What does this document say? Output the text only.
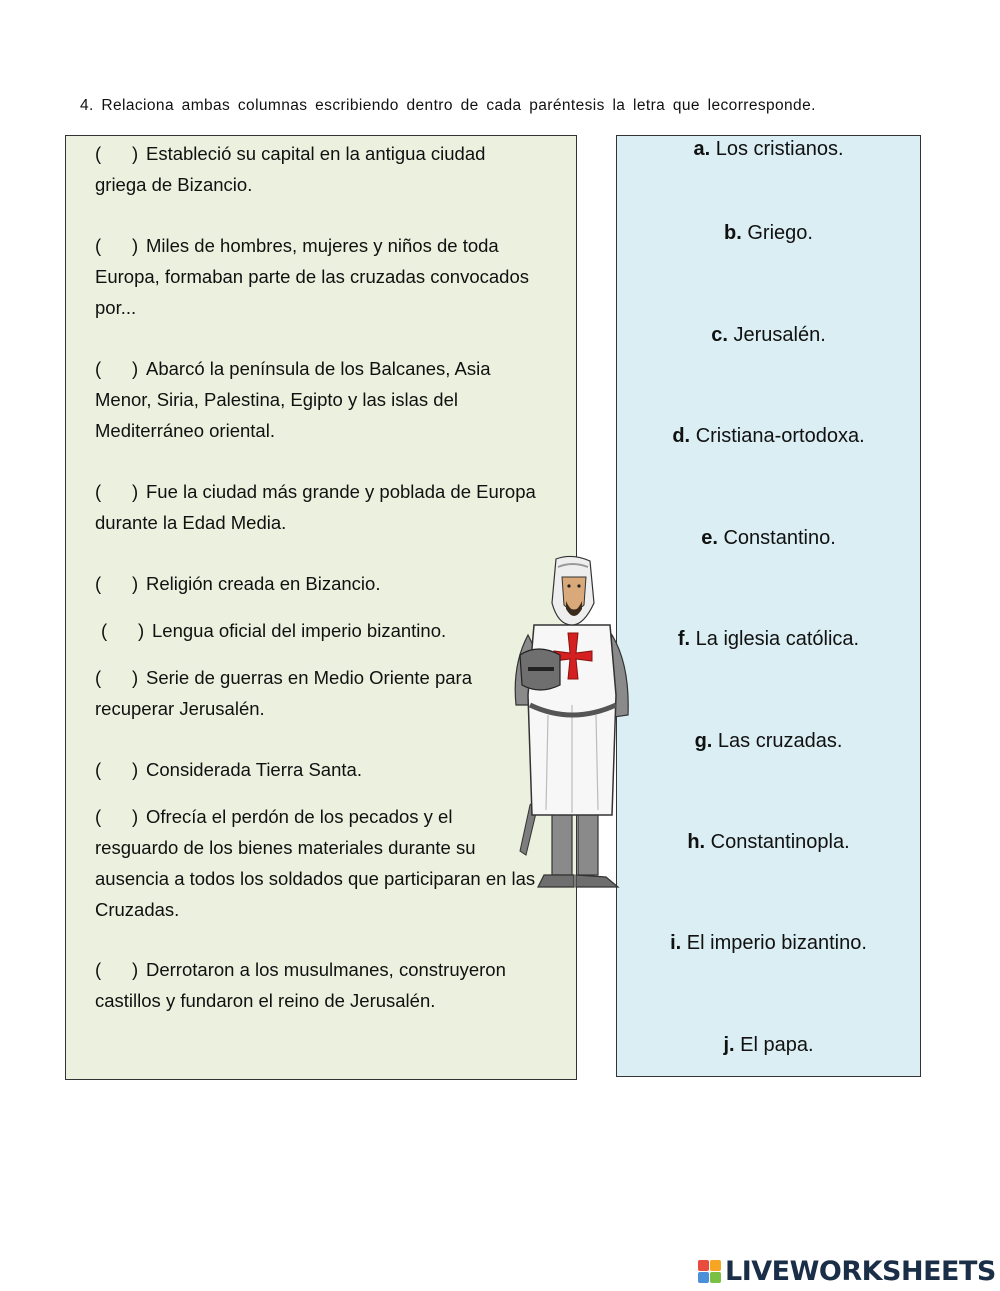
4. Relaciona ambas columnas escribiendo dentro de cada paréntesis la letra que lecorresponde.
(      ) Estableció su capital en la antigua ciudad
griega de Bizancio.
(      ) Miles de hombres, mujeres y niños de toda
Europa, formaban parte de las cruzadas convocados
por...
(      ) Abarcó la península de los Balcanes, Asia
Menor, Siria, Palestina, Egipto y las islas del
Mediterráneo oriental.
(      ) Fue la ciudad más grande y poblada de Europa
durante la Edad Media.
(      ) Religión creada en Bizancio.
(      ) Lengua oficial del imperio bizantino.
(      ) Serie de guerras en Medio Oriente para
recuperar Jerusalén.
(      ) Considerada Tierra Santa.
(      ) Ofrecía el perdón de los pecados y el
resguardo de los bienes materiales durante su
ausencia a todos los soldados que participaran en las
Cruzadas.
(      ) Derrotaron a los musulmanes, construyeron
castillos y fundaron el reino de Jerusalén.
a. Los cristianos.
b. Griego.
c. Jerusalén.
d. Cristiana-ortodoxa.
e. Constantino.
f. La iglesia católica.
g. Las cruzadas.
h. Constantinopla.
i. El imperio bizantino.
j. El papa.
LIVEWORKSHEETS
